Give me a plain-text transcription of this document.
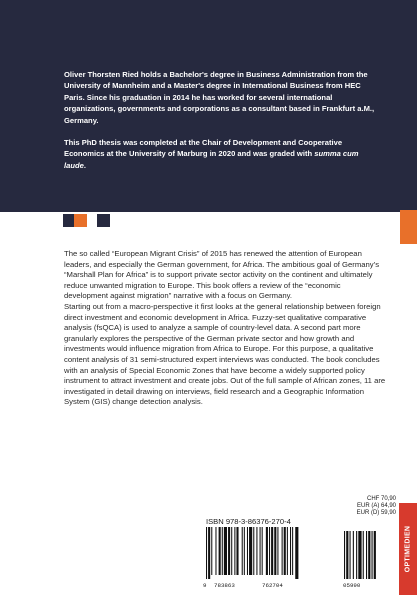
Oliver Thorsten Ried holds a Bachelor's degree in Business Administration from the University of Mannheim and a Master's degree in International Business from HEC Paris. Since his graduation in 2014 he has worked for several international organizations, governments and corporations as a consultant based in Frankfurt a.M., Germany.

This PhD thesis was completed at the Chair of Development and Cooperative Economics at the University of Marburg in 2020 and was graded with summa cum laude.

The so called “European Migrant Crisis” of 2015 has renewed the attention of European leaders, and especially the German government, for Africa. The ambitious goal of Germany’s “Marshall Plan for Africa” is to support private sector activity on the continent and ultimately reduce unwanted migration to Europe. This book offers a review of the “economic development against migration” narrative with a focus on Germany.

Starting out from a macro-perspective it first looks at the general relationship between foreign direct investment and economic development in Africa. Fuzzy-set qualitative comparative analysis (fsQCA) is used to analyze a sample of country-level data. A second part more granularly explores the perspective of the German private sector and how growth and investments would influence migration from Africa to Europe. For this purpose, a qualitative content analysis of 31 semi-structured expert interviews was conducted. The book concludes with an analysis of Special Economic Zones that have become a widely supported policy instrument to attract investment and create jobs. Out of the full sample of African zones, 11 are investigated in detail drawing on interviews, field research and a Geographic Information System (GIS) change detection analysis.

CHF 70,90
EUR (A) 64,90
EUR (D) 59,90
ISBN 978-3-86376-270-4
9 783863	762704	05990
OPTIMEDIEN
